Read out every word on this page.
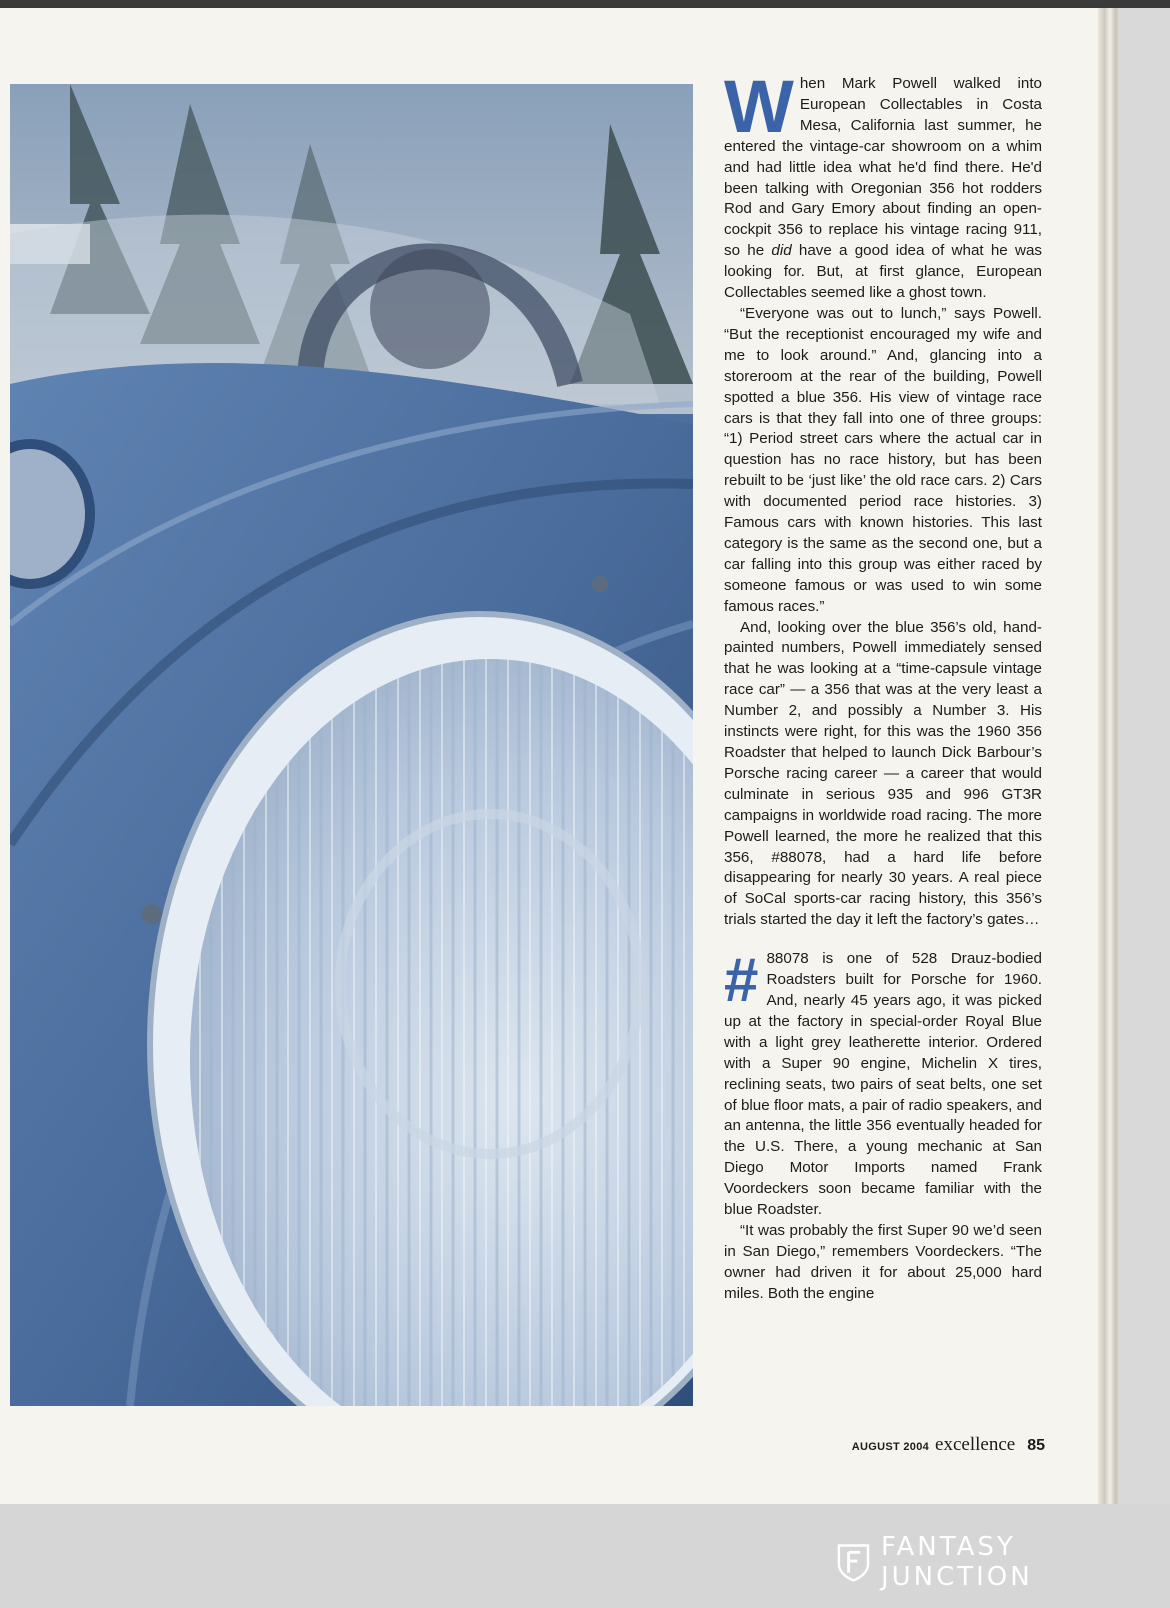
When Mark Powell walked into European Collectables in Costa Mesa, California last summer, he entered the vintage-car showroom on a whim and had little idea what he'd find there. He'd been talking with Oregonian 356 hot rodders Rod and Gary Emory about finding an open-cockpit 356 to replace his vintage racing 911, so he did have a good idea of what he was looking for. But, at first glance, European Collectables seemed like a ghost town.

“Everyone was out to lunch,” says Powell. “But the receptionist encouraged my wife and me to look around.” And, glancing into a storeroom at the rear of the building, Powell spotted a blue 356. His view of vintage race cars is that they fall into one of three groups: “1) Period street cars where the actual car in question has no race history, but has been rebuilt to be ‘just like’ the old race cars. 2) Cars with documented period race histories. 3) Famous cars with known histories. This last category is the same as the second one, but a car falling into this group was either raced by someone famous or was used to win some famous races.”

And, looking over the blue 356’s old, hand-painted numbers, Powell immediately sensed that he was looking at a “time-capsule vintage race car” — a 356 that was at the very least a Number 2, and possibly a Number 3. His instincts were right, for this was the 1960 356 Roadster that helped to launch Dick Barbour’s Porsche racing career — a career that would culminate in serious 935 and 996 GT3R campaigns in worldwide road racing. The more Powell learned, the more he realized that this 356, #88078, had a hard life before disappearing for nearly 30 years. A real piece of SoCal sports-car racing history, this 356’s trials started the day it left the factory’s gates…

# 88078 is one of 528 Drauz-bodied Roadsters built for Porsche for 1960. And, nearly 45 years ago, it was picked up at the factory in special-order Royal Blue with a light grey leatherette interior. Ordered with a Super 90 engine, Michelin X tires, reclining seats, two pairs of seat belts, one set of blue floor mats, a pair of radio speakers, and an antenna, the little 356 eventually headed for the U.S. There, a young mechanic at San Diego Motor Imports named Frank Voordeckers soon became familiar with the blue Roadster.

“It was probably the first Super 90 we’d seen in San Diego,” remembers Voordeckers. “The owner had driven it for about 25,000 hard miles. Both the engine

AUGUST 2004 excellence 85
FANTASY JUNCTION
